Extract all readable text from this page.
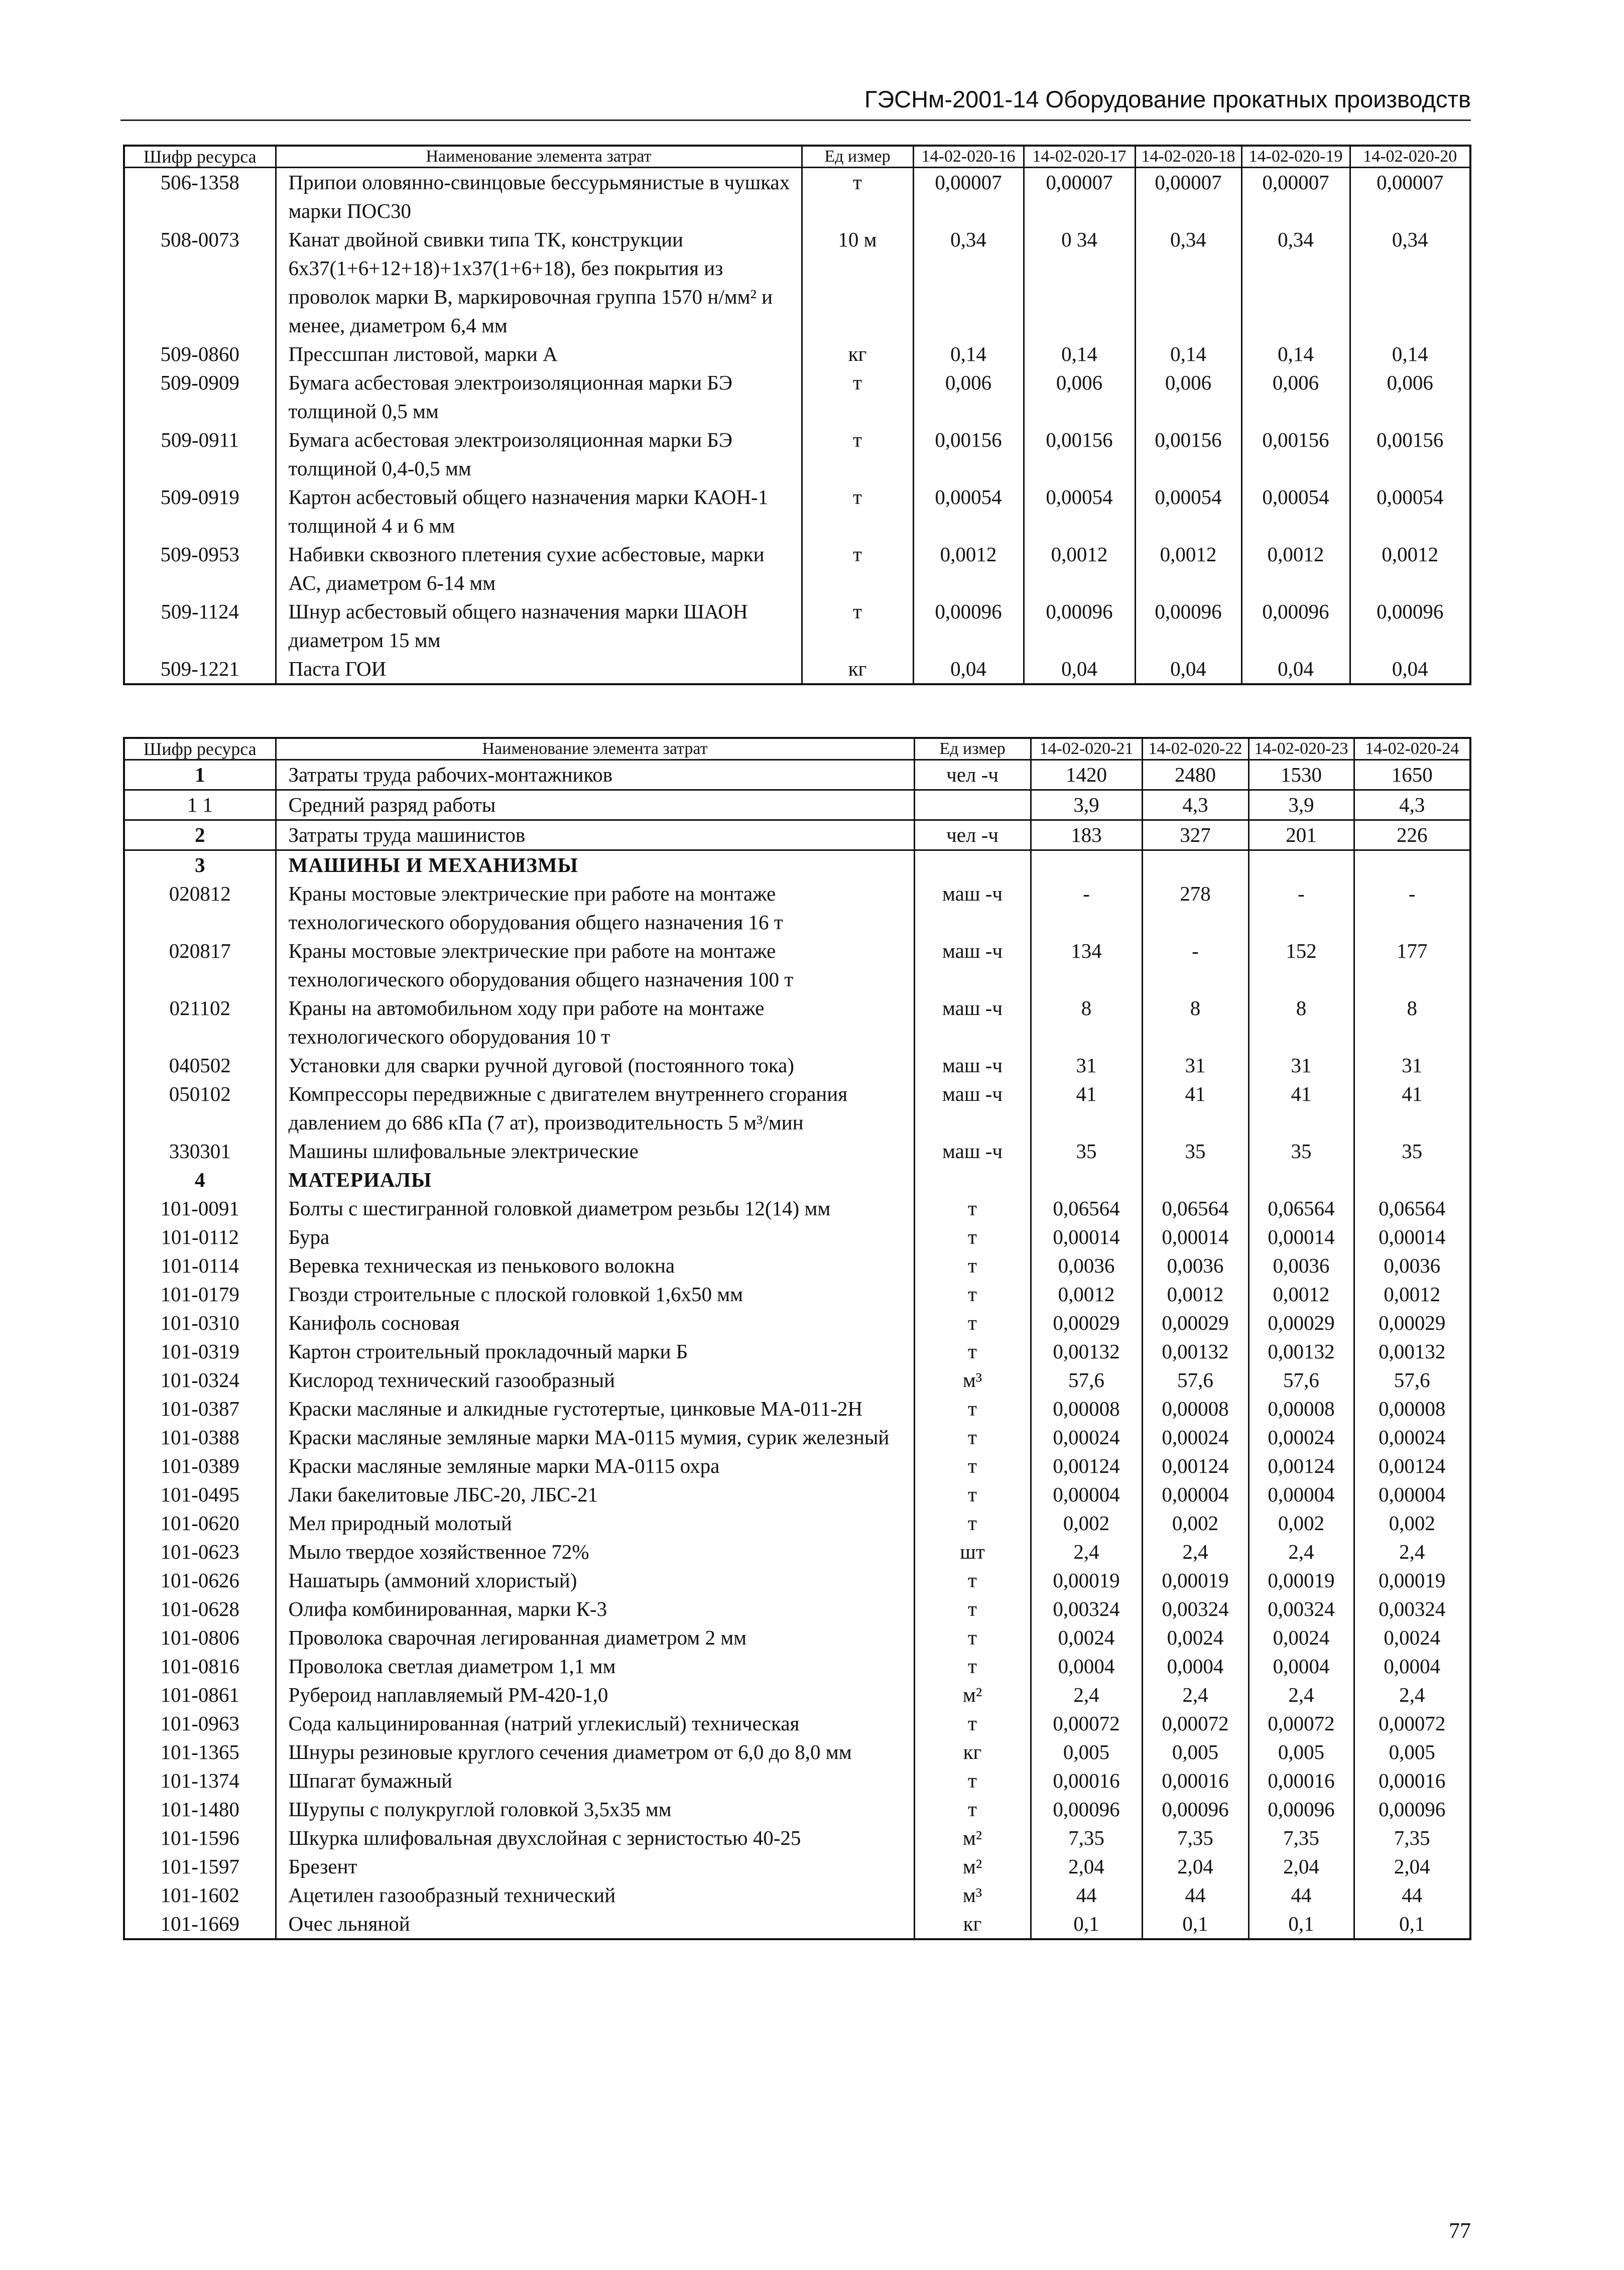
ГЭСНм-2001-14 Оборудование прокатных производств
Шифр ресурса	Наименование элемента затрат	Ед измер	14-02-020-16	14-02-020-17	14-02-020-18	14-02-020-19	14-02-020-20
506-1358	Припои оловянно-свинцовые бессурьмянистые в чушках марки ПОС30	т	0,00007	0,00007	0,00007	0,00007	0,00007
508-0073	Канат двойной свивки типа ТК, конструкции 6х37(1+6+12+18)+1х37(1+6+18), без покрытия из проволок марки В, маркировочная группа 1570 н/мм² и менее, диаметром 6,4 мм	10 м	0,34	0 34	0,34	0,34	0,34
509-0860	Прессшпан листовой, марки А	кг	0,14	0,14	0,14	0,14	0,14
509-0909	Бумага асбестовая электроизоляционная марки БЭ толщиной 0,5 мм	т	0,006	0,006	0,006	0,006	0,006
509-0911	Бумага асбестовая электроизоляционная марки БЭ толщиной 0,4-0,5 мм	т	0,00156	0,00156	0,00156	0,00156	0,00156
509-0919	Картон асбестовый общего назначения марки КАОН-1 толщиной 4 и 6 мм	т	0,00054	0,00054	0,00054	0,00054	0,00054
509-0953	Набивки сквозного плетения сухие асбестовые, марки АС, диаметром 6-14 мм	т	0,0012	0,0012	0,0012	0,0012	0,0012
509-1124	Шнур асбестовый общего назначения марки ШАОН диаметром 15 мм	т	0,00096	0,00096	0,00096	0,00096	0,00096
509-1221	Паста ГОИ	кг	0,04	0,04	0,04	0,04	0,04
Шифр ресурса	Наименование элемента затрат	Ед измер	14-02-020-21	14-02-020-22	14-02-020-23	14-02-020-24
1	Затраты труда рабочих-монтажников	чел -ч	1420	2480	1530	1650
1 1	Средний разряд работы		3,9	4,3	3,9	4,3
2	Затраты труда машинистов	чел -ч	183	327	201	226
3	МАШИНЫ И МЕХАНИЗМЫ					
020812	Краны мостовые электрические при работе на монтаже технологического оборудования общего назначения 16 т	маш -ч	-	278	-	-
020817	Краны мостовые электрические при работе на монтаже технологического оборудования общего назначения 100 т	маш -ч	134	-	152	177
021102	Краны на автомобильном ходу при работе на монтаже технологического оборудования 10 т	маш -ч	8	8	8	8
040502	Установки для сварки ручной дуговой (постоянного тока)	маш -ч	31	31	31	31
050102	Компрессоры передвижные с двигателем внутреннего сгорания давлением до 686 кПа (7 ат), производительность 5 м³/мин	маш -ч	41	41	41	41
330301	Машины шлифовальные электрические	маш -ч	35	35	35	35
4	МАТЕРИАЛЫ					
101-0091	Болты с шестигранной головкой диаметром резьбы 12(14) мм	т	0,06564	0,06564	0,06564	0,06564
101-0112	Бура	т	0,00014	0,00014	0,00014	0,00014
101-0114	Веревка техническая из пенькового волокна	т	0,0036	0,0036	0,0036	0,0036
101-0179	Гвозди строительные с плоской головкой 1,6х50 мм	т	0,0012	0,0012	0,0012	0,0012
101-0310	Канифоль сосновая	т	0,00029	0,00029	0,00029	0,00029
101-0319	Картон строительный прокладочный марки Б	т	0,00132	0,00132	0,00132	0,00132
101-0324	Кислород технический газообразный	м³	57,6	57,6	57,6	57,6
101-0387	Краски масляные и алкидные густотертые, цинковые МА-011-2Н	т	0,00008	0,00008	0,00008	0,00008
101-0388	Краски масляные земляные марки МА-0115 мумия, сурик железный	т	0,00024	0,00024	0,00024	0,00024
101-0389	Краски масляные земляные марки МА-0115 охра	т	0,00124	0,00124	0,00124	0,00124
101-0495	Лаки бакелитовые ЛБС-20, ЛБС-21	т	0,00004	0,00004	0,00004	0,00004
101-0620	Мел природный молотый	т	0,002	0,002	0,002	0,002
101-0623	Мыло твердое хозяйственное 72%	шт	2,4	2,4	2,4	2,4
101-0626	Нашатырь (аммоний хлористый)	т	0,00019	0,00019	0,00019	0,00019
101-0628	Олифа комбинированная, марки К-3	т	0,00324	0,00324	0,00324	0,00324
101-0806	Проволока сварочная легированная диаметром 2 мм	т	0,0024	0,0024	0,0024	0,0024
101-0816	Проволока светлая диаметром 1,1 мм	т	0,0004	0,0004	0,0004	0,0004
101-0861	Рубероид наплавляемый РМ-420-1,0	м²	2,4	2,4	2,4	2,4
101-0963	Сода кальцинированная (натрий углекислый) техническая	т	0,00072	0,00072	0,00072	0,00072
101-1365	Шнуры резиновые круглого сечения диаметром от 6,0 до 8,0 мм	кг	0,005	0,005	0,005	0,005
101-1374	Шпагат бумажный	т	0,00016	0,00016	0,00016	0,00016
101-1480	Шурупы с полукруглой головкой 3,5х35 мм	т	0,00096	0,00096	0,00096	0,00096
101-1596	Шкурка шлифовальная двухслойная с зернистостью 40-25	м²	7,35	7,35	7,35	7,35
101-1597	Брезент	м²	2,04	2,04	2,04	2,04
101-1602	Ацетилен газообразный технический	м³	44	44	44	44
101-1669	Очес льняной	кг	0,1	0,1	0,1	0,1
77
